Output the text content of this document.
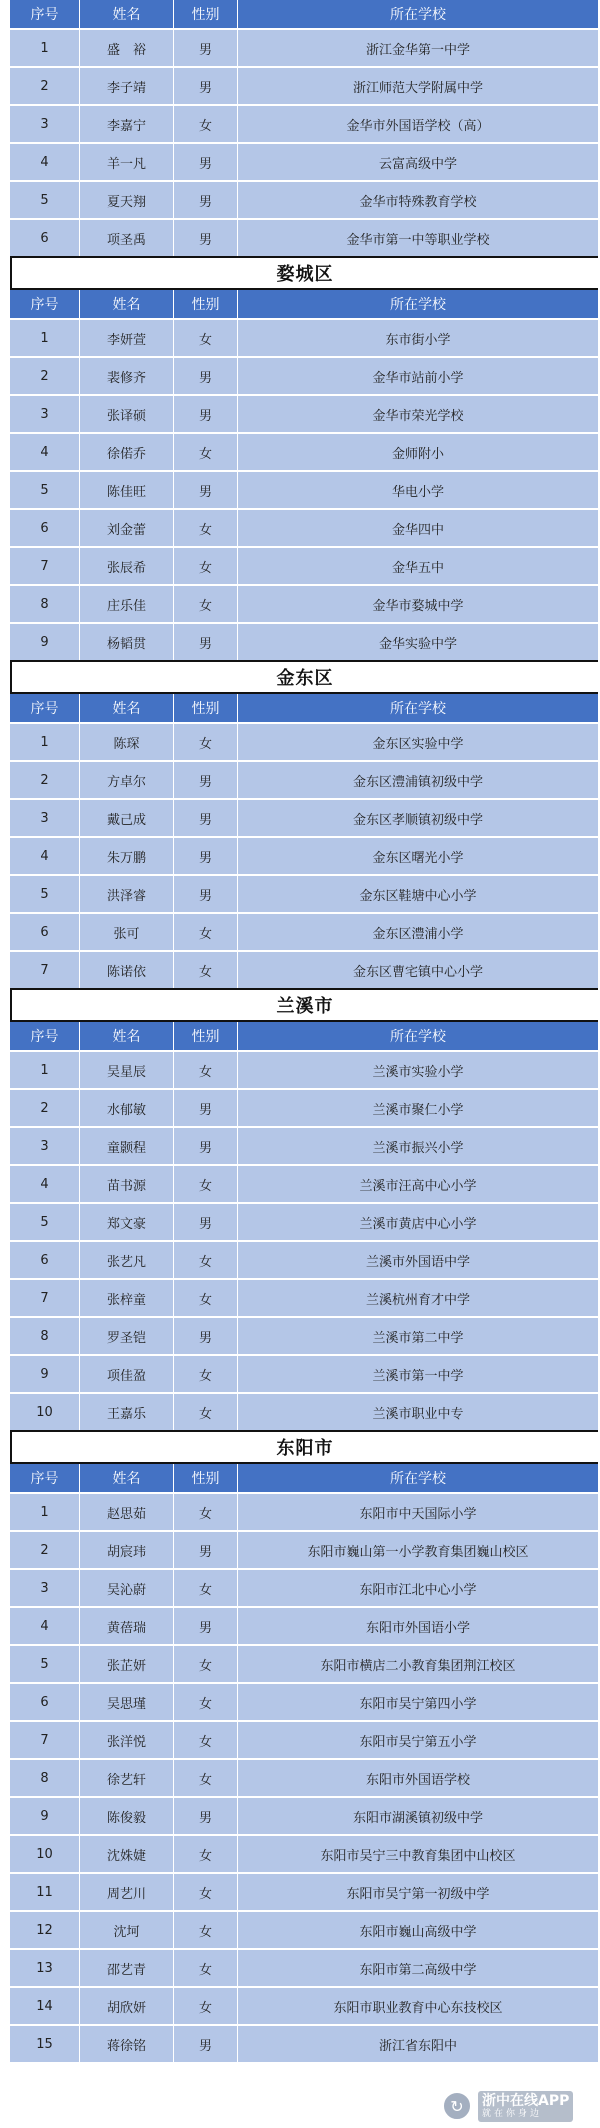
序号	姓名	性别	所在学校
1	盛　裕	男	浙江金华第一中学
2	李子靖	男	浙江师范大学附属中学
3	李嘉宁	女	金华市外国语学校（高）
4	羊一凡	男	云富高级中学
5	夏天翔	男	金华市特殊教育学校
6	项圣禹	男	金华市第一中等职业学校
婺城区
序号	姓名	性别	所在学校
1	李妍萱	女	东市街小学
2	裴修齐	男	金华市站前小学
3	张译硕	男	金华市荣光学校
4	徐偌乔	女	金师附小
5	陈佳旺	男	华电小学
6	刘金蕾	女	金华四中
7	张辰希	女	金华五中
8	庄乐佳	女	金华市婺城中学
9	杨韬贯	男	金华实验中学
金东区
序号	姓名	性别	所在学校
1	陈琛	女	金东区实验中学
2	方卓尔	男	金东区澧浦镇初级中学
3	戴己成	男	金东区孝顺镇初级中学
4	朱万鹏	男	金东区曙光小学
5	洪泽睿	男	金东区鞋塘中心小学
6	张可	女	金东区澧浦小学
7	陈诺依	女	金东区曹宅镇中心小学
兰溪市
序号	姓名	性别	所在学校
1	吴星辰	女	兰溪市实验小学
2	水郁敏	男	兰溪市聚仁小学
3	童颢程	男	兰溪市振兴小学
4	苗书源	女	兰溪市汪高中心小学
5	郑文豪	男	兰溪市黄店中心小学
6	张艺凡	女	兰溪市外国语中学
7	张梓童	女	兰溪杭州育才中学
8	罗圣铠	男	兰溪市第二中学
9	项佳盈	女	兰溪市第一中学
10	王嘉乐	女	兰溪市职业中专
东阳市
序号	姓名	性别	所在学校
1	赵思茹	女	东阳市中天国际小学
2	胡宸玮	男	东阳市巍山第一小学教育集团巍山校区
3	吴沁蔚	女	东阳市江北中心小学
4	黄蓓瑞	男	东阳市外国语小学
5	张芷妍	女	东阳市横店二小教育集团荆江校区
6	吴思瑾	女	东阳市吴宁第四小学
7	张洋悦	女	东阳市吴宁第五小学
8	徐艺轩	女	东阳市外国语学校
9	陈俊毅	男	东阳市湖溪镇初级中学
10	沈姝婕	女	东阳市吴宁三中教育集团中山校区
11	周艺川	女	东阳市吴宁第一初级中学
12	沈坷	女	东阳市巍山高级中学
13	邵艺青	女	东阳市第二高级中学
14	胡欣妍	女	东阳市职业教育中心东技校区
15	蒋徐铭	男	浙江省东阳中
↻	浙中在线APP
就在你身边
